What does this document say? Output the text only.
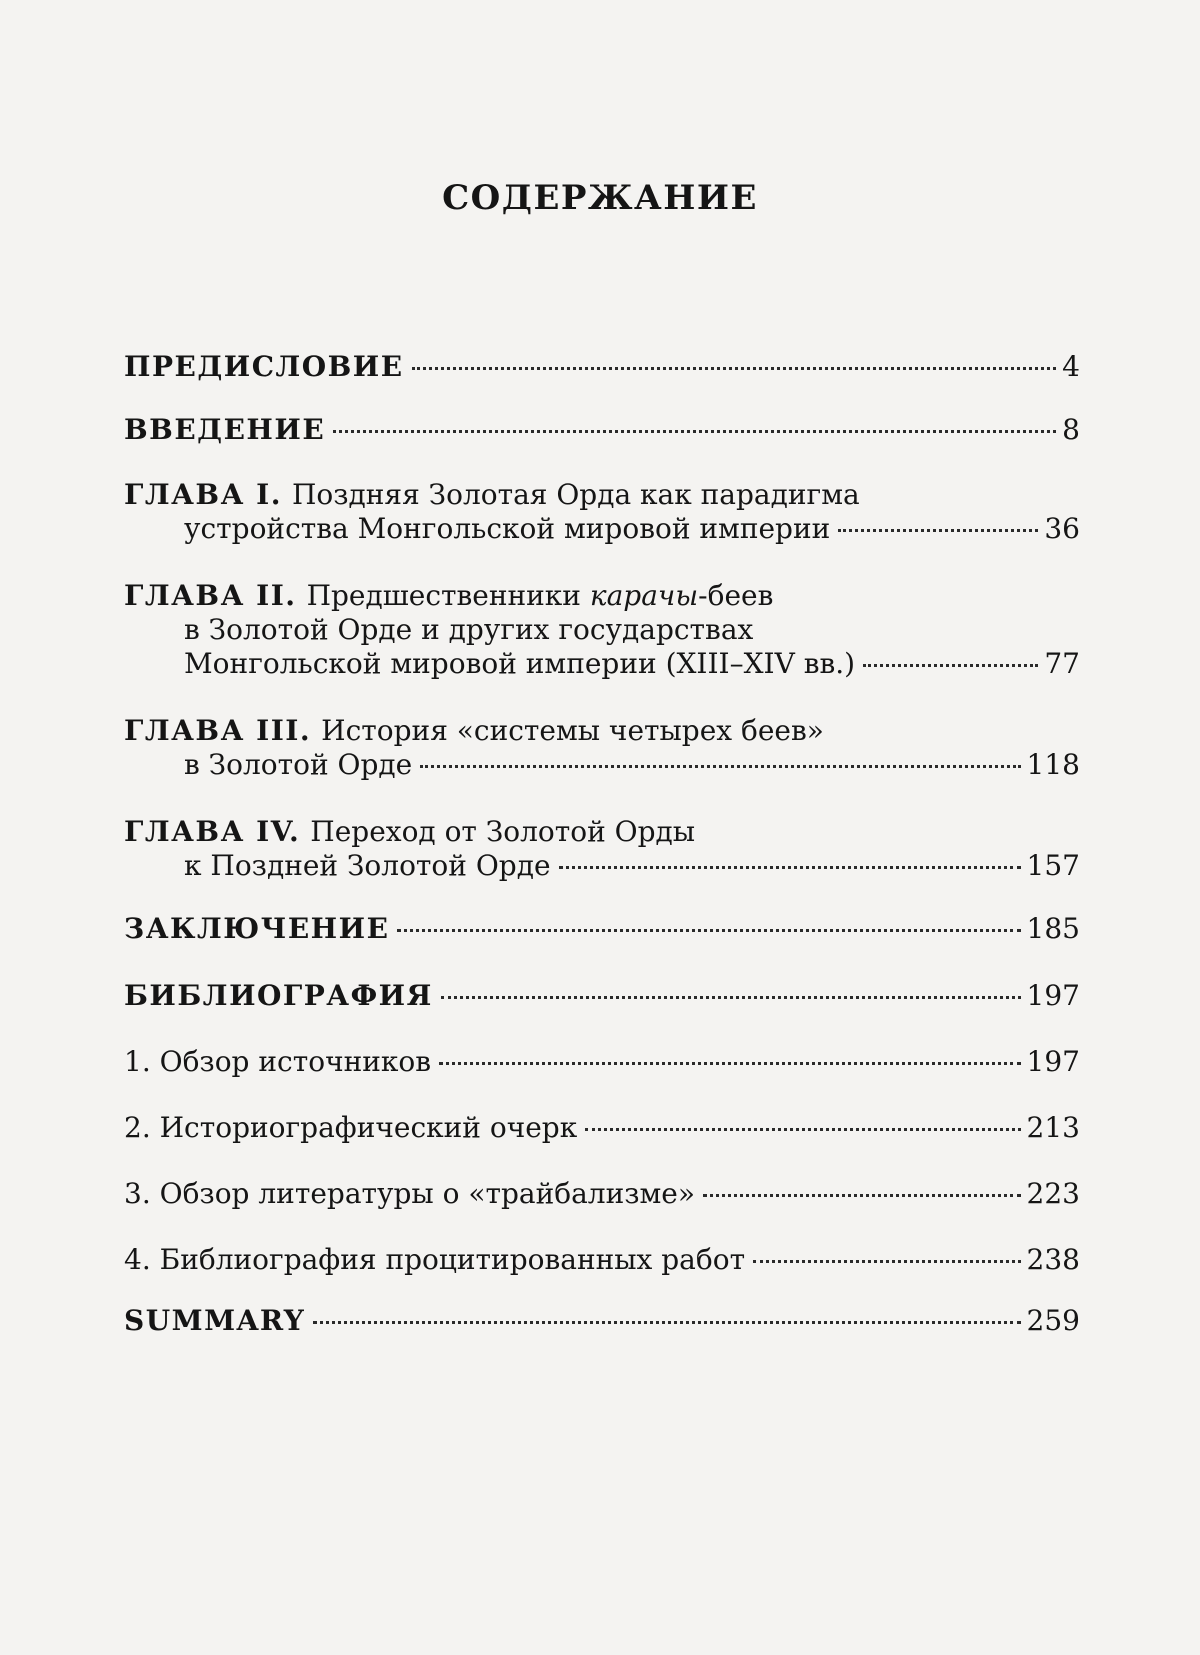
СОДЕРЖАНИЕ
ПРЕДИСЛОВИЕ	4
ВВЕДЕНИЕ	8
ГЛАВА I. Поздняя Золотая Орда как парадигма
устройства Монгольской мировой империи	36
ГЛАВА II. Предшественники карачы-беев
в Золотой Орде и других государствах
Монгольской мировой империи (XIII–XIV вв.)	77
ГЛАВА III. История «системы четырех беев»
в Золотой Орде	118
ГЛАВА IV. Переход от Золотой Орды
к Поздней Золотой Орде	157
ЗАКЛЮЧЕНИЕ	185
БИБЛИОГРАФИЯ	197
1. Обзор источников	197
2. Историографический очерк	213
3. Обзор литературы о «трайбализме»	223
4. Библиография процитированных работ	238
SUMMARY	259
